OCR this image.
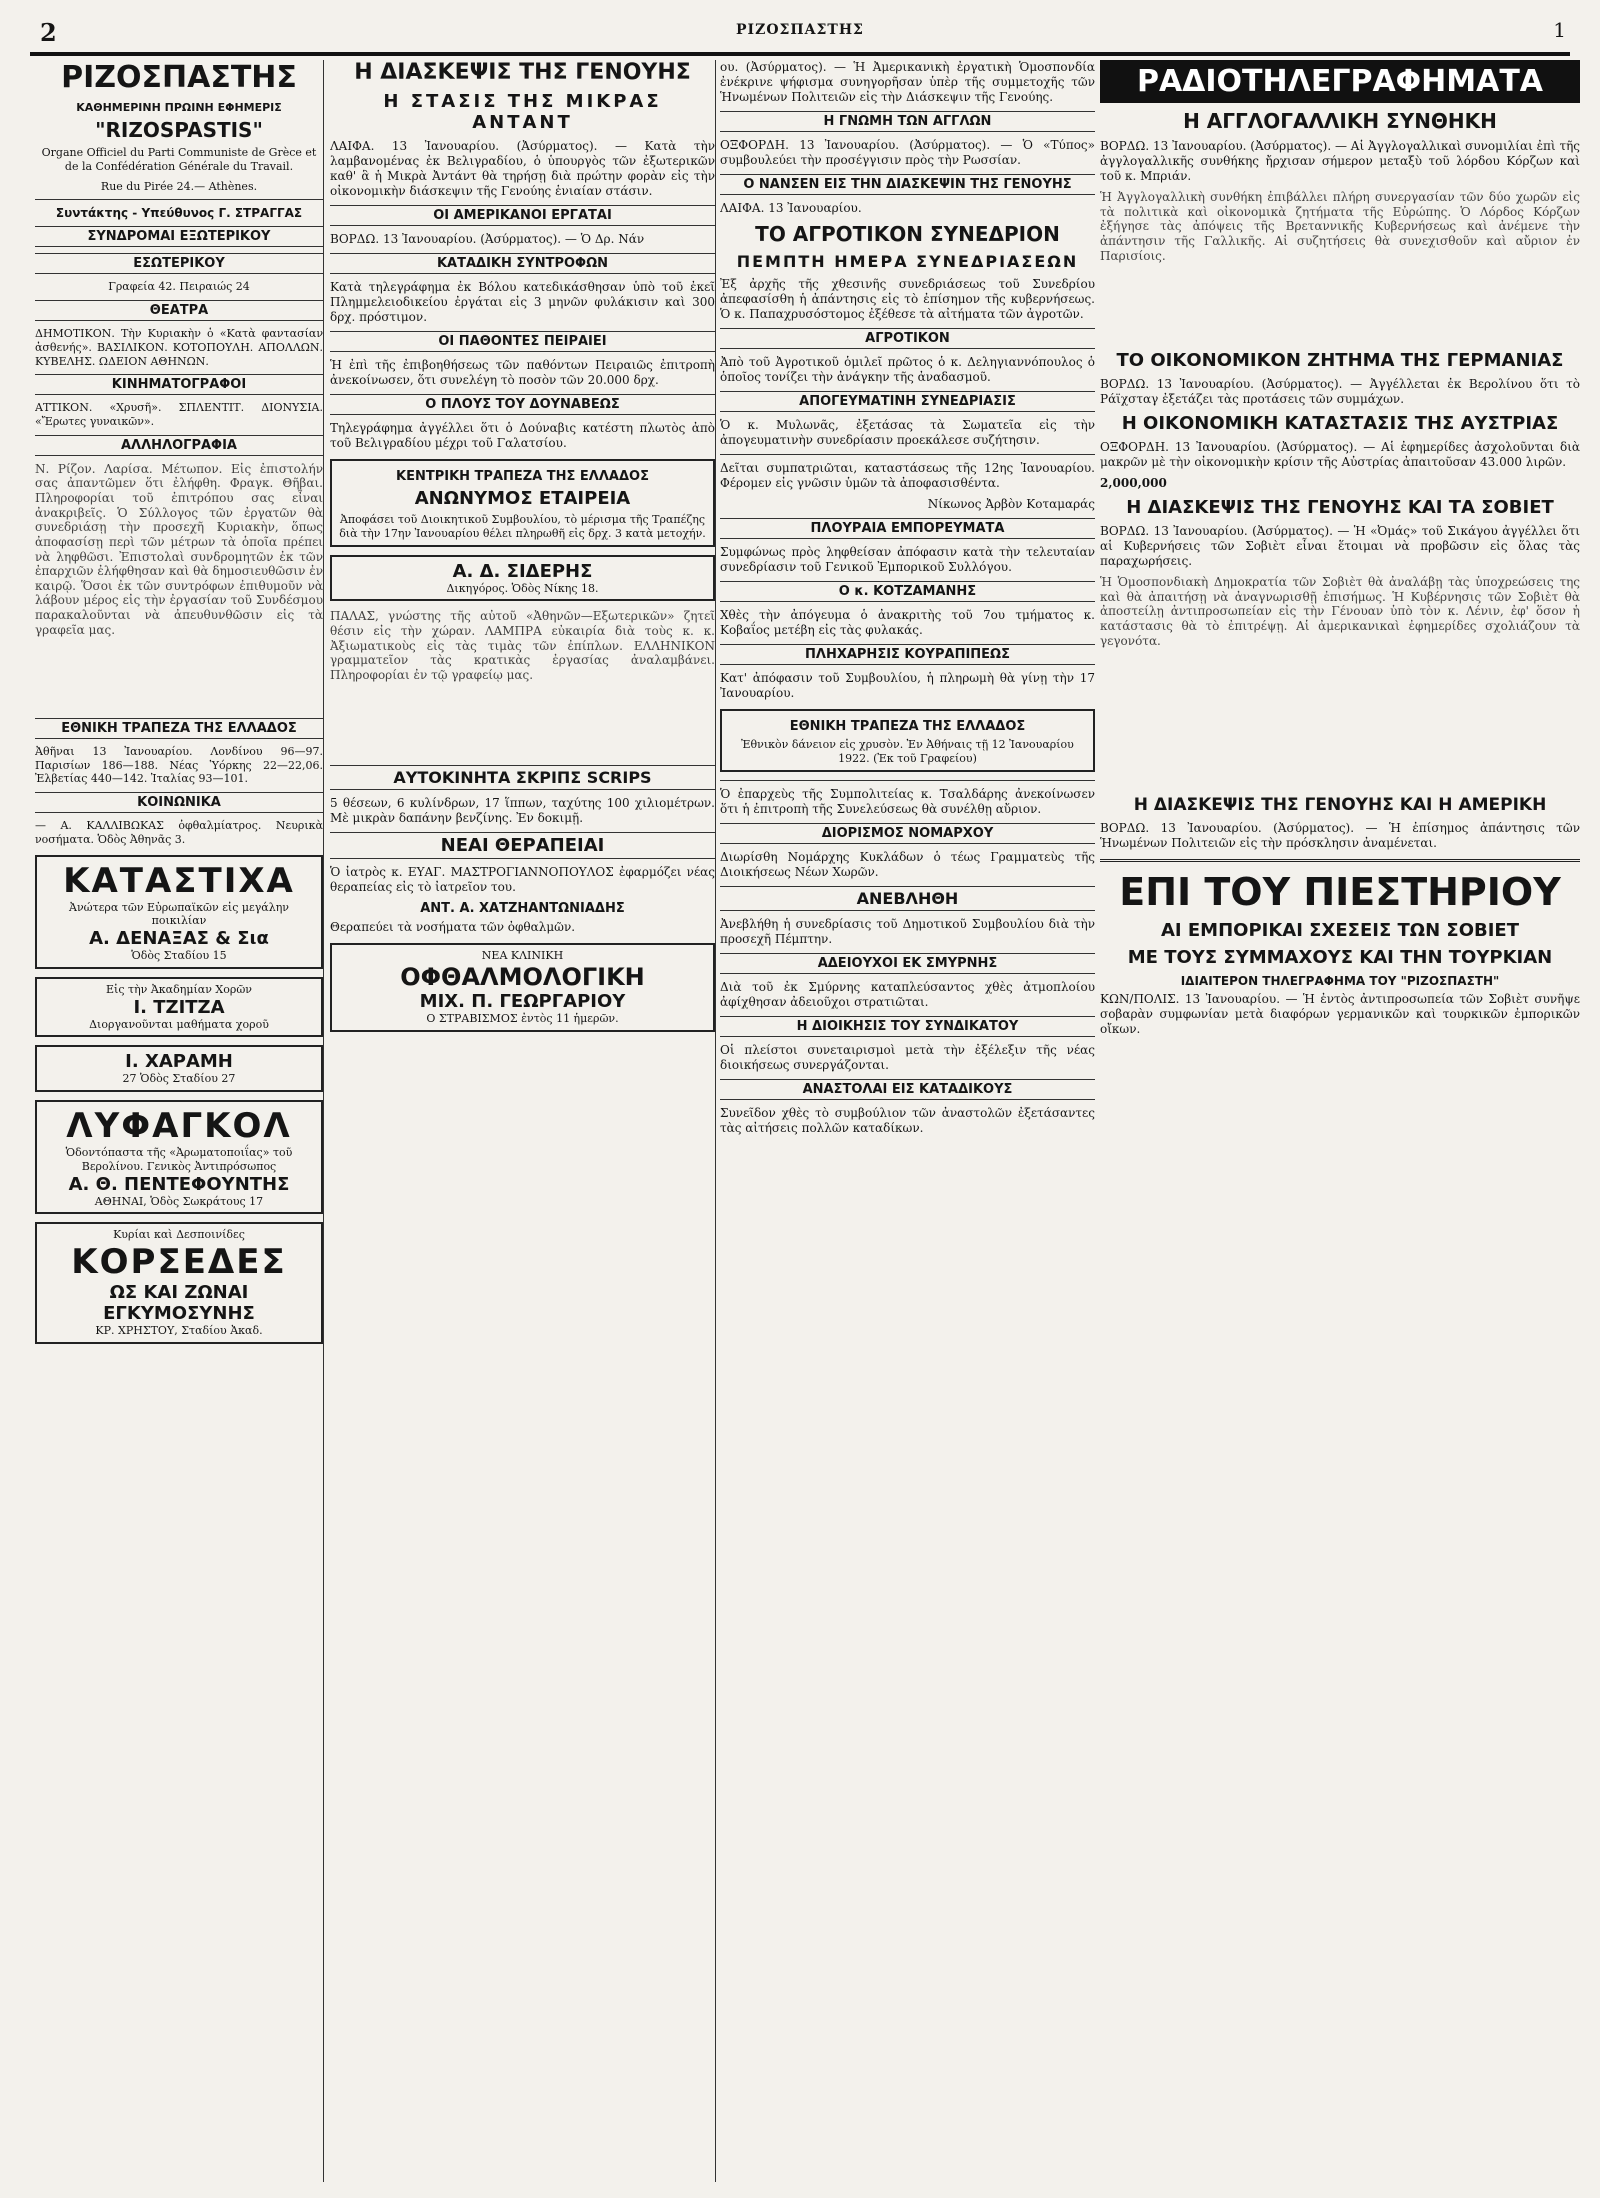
2	ΡΙΖΟΣΠΑΣΤΗΣ	1
ΡΙΖΟΣΠΑΣΤΗΣ
ΚΑΘΗΜΕΡΙΝΗ ΠΡΩΙΝΗ ΕΦΗΜΕΡΙΣ
"RIZOSPASTIS"

Organe Officiel du Parti Communiste de Grèce et de la Confédération Générale du Travail.

Rue du Pirée 24.— Athènes.

Συντάκτης - Υπεύθυνος Γ. ΣΤΡΑΓΓΑΣ
ΣΥΝΔΡΟΜΑΙ ΕΞΩΤΕΡΙΚΟΥ
ΕΣΩΤΕΡΙΚΟΥ

Γραφεία 42. Πειραιώς 24

ΘΕΑΤΡΑ

ΔΗΜΟΤΙΚΟΝ. Τὴν Κυριακὴν ὁ «Κατὰ φαντασίαν ἀσθενής». ΒΑΣΙΛΙΚΟΝ. ΚΟΤΟΠΟΥΛΗ. ΑΠΟΛΛΩΝ. ΚΥΒΕΛΗΣ. ΩΔΕΙΟΝ ΑΘΗΝΩΝ.

ΚΙΝΗΜΑΤΟΓΡΑΦΟΙ

ΑΤΤΙΚΟΝ. «Χρυσῆ». ΣΠΛΕΝΤΙΤ. ΔΙΟΝΥΣΙΑ. «Ἔρωτες γυναικῶν».

ΑΛΛΗΛΟΓΡΑΦΙΑ
Ν. Ρίζον. Λαρίσα. Μέτωπον. Εἰς ἐπιστολήν σας ἀπαντῶμεν ὅτι ἐλήφθη. Φραγκ. Θῆβαι. Πληροφορίαι τοῦ ἐπιτρόπου σας εἶναι ἀνακριβεῖς. Ὁ Σύλλογος τῶν ἐργατῶν θὰ συνεδριάσῃ τὴν προσεχῆ Κυριακὴν, ὅπως ἀποφασίσῃ περὶ τῶν μέτρων τὰ ὁποῖα πρέπει νὰ ληφθῶσι. Ἐπιστολαὶ συνδρομητῶν ἐκ τῶν ἐπαρχιῶν ἐλήφθησαν καὶ θὰ δημοσιευθῶσιν ἐν καιρῷ. Ὅσοι ἐκ τῶν συντρόφων ἐπιθυμοῦν νὰ λάβουν μέρος εἰς τὴν ἐργασίαν τοῦ Συνδέσμου παρακαλοῦνται νὰ ἀπευθυνθῶσιν εἰς τὰ γραφεῖα μας.
ΕΘΝΙΚΗ ΤΡΑΠΕΖΑ ΤΗΣ ΕΛΛΑΔΟΣ

Ἀθῆναι 13 Ἰανουαρίου. Λονδίνου 96—97. Παρισίων 186—188. Νέας Ὑόρκης 22—22,06. Ἐλβετίας 440—142. Ἰταλίας 93—101.

ΚΟΙΝΩΝΙΚΑ

— Α. ΚΑΛΛΙΒΩΚΑΣ ὀφθαλμίατρος. Νευρικὰ νοσήματα. Ὁδὸς Ἀθηνᾶς 3.

ΚΑΤΑΣΤΙΧΑ
Ἀνώτερα τῶν Εὐρωπαϊκῶν εἰς μεγάλην ποικιλίαν
Α. ΔΕΝΑΞΑΣ & Σια
Ὁδὸς Σταδίου 15
Εἰς τὴν Ἀκαδημίαν Χορῶν
Ι. ΤΖΙΤΖΑ
Διοργανοῦνται μαθήματα χοροῦ
Ι. ΧΑΡΑΜΗ
27 Ὁδὸς Σταδίου 27
ΛΥΦΑΓΚΟΛ
Ὁδοντόπαστα τῆς «Ἀρωματοποιΐας» τοῦ Βερολίνου. Γενικὸς Ἀντιπρόσωπος
Α. Θ. ΠΕΝΤΕΦΟΥΝΤΗΣ
ΑΘΗΝΑΙ, Ὁδὸς Σωκράτους 17
Κυρίαι καὶ Δεσποινίδες
ΚΟΡΣΕΔΕΣ
ΩΣ ΚΑΙ ΖΩΝΑΙ
ΕΓΚΥΜΟΣΥΝΗΣ
ΚΡ. ΧΡΗΣΤΟΥ, Σταδίου Ἀκαδ.
Η ΔΙΑΣΚΕΨΙΣ ΤΗΣ ΓΕΝΟΥΗΣ
Η ΣΤΑΣΙΣ ΤΗΣ ΜΙΚΡΑΣ ΑΝΤΑΝΤ

ΛΑΙΦΑ. 13 Ἰανουαρίου. (Ἀσύρματος). — Κατὰ τὴν λαμβανομένας ἐκ Βελιγραδίου, ὁ ὑπουργὸς τῶν ἐξωτερικῶν καθ' ἃ ἡ Μικρὰ Ἀντάντ θὰ τηρήσῃ διὰ πρώτην φορὰν εἰς τὴν οἰκονομικὴν διάσκεψιν τῆς Γενούης ἑνιαίαν στάσιν.

ΟΙ ΑΜΕΡΙΚΑΝΟΙ ΕΡΓΑΤΑΙ

ΒΟΡΔΩ. 13 Ἰανουαρίου. (Ἀσύρματος). — Ὁ Δρ. Νάν

ΚΑΤΑΔΙΚΗ ΣΥΝΤΡΟΦΩΝ

Κατὰ τηλεγράφημα ἐκ Βόλου κατεδικάσθησαν ὑπὸ τοῦ ἐκεῖ Πλημμελειοδικείου ἐργάται εἰς 3 μηνῶν φυλάκισιν καὶ 300 δρχ. πρόστιμον.

ΟΙ ΠΑΘΟΝΤΕΣ ΠΕΙΡΑΙΕΙ

Ἡ ἐπὶ τῆς ἐπιβοηθήσεως τῶν παθόντων Πειραιῶς ἐπιτροπὴ ἀνεκοίνωσεν, ὅτι συνελέγη τὸ ποσὸν τῶν 20.000 δρχ.

Ο ΠΛΟΥΣ ΤΟΥ ΔΟΥΝΑΒΕΩΣ

Τηλεγράφημα ἀγγέλλει ὅτι ὁ Δούναβις κατέστη πλωτὸς ἀπὸ τοῦ Βελιγραδίου μέχρι τοῦ Γαλατσίου.

ΚΕΝΤΡΙΚΗ ΤΡΑΠΕΖΑ ΤΗΣ ΕΛΛΑΔΟΣ
ΑΝΩΝΥΜΟΣ ΕΤΑΙΡΕΙΑ
Ἀποφάσει τοῦ Διοικητικοῦ Συμβουλίου, τὸ μέρισμα τῆς Τραπέζης διὰ τὴν 17ην Ἰανουαρίου θέλει πληρωθῆ εἰς δρχ. 3 κατὰ μετοχήν.
Α. Δ. ΣΙΔΕΡΗΣ
Δικηγόρος. Ὁδὸς Νίκης 18.
ΠΑΛΑΣ, γνώστης τῆς αὐτοῦ «Ἀθηνῶν—Εξωτερικῶν» ζητεῖ θέσιν εἰς τὴν χώραν. ΛΑΜΠΡΑ εὐκαιρία διὰ τοὺς κ. κ. Ἀξιωματικοὺς εἰς τὰς τιμὰς τῶν ἐπίπλων. ΕΛΛΗΝΙΚΟΝ γραμματεῖον τὰς κρατικὰς ἐργασίας ἀναλαμβάνει. Πληροφορίαι ἐν τῷ γραφείῳ μας.
ΑΥΤΟΚΙΝΗΤΑ ΣΚΡΙΠΣ SCRIPS

5 θέσεων, 6 κυλίνδρων, 17 ἵππων, ταχύτης 100 χιλιομέτρων. Μὲ μικρὰν δαπάνην βενζίνης. Ἐν δοκιμῇ.

ΝΕΑΙ ΘΕΡΑΠΕΙΑΙ

Ὁ ἰατρὸς κ. ΕΥΑΓ. ΜΑΣΤΡΟΓΙΑΝΝΟΠΟΥΛΟΣ ἐφαρμόζει νέας θεραπείας εἰς τὸ ἰατρεῖον του.

ΑΝΤ. Α. ΧΑΤΖΗΑΝΤΩΝΙΑΔΗΣ

Θεραπεύει τὰ νοσήματα τῶν ὀφθαλμῶν.

ΝΕΑ ΚΛΙΝΙΚΗ
ΟΦΘΑΛΜΟΛΟΓΙΚΗ
ΜΙΧ. Π. ΓΕΩΡΓΑΡΙΟΥ
Ο ΣΤΡΑΒΙΣΜΟΣ ἐντὸς 11 ἡμερῶν.

ου. (Ἀσύρματος). — Ἡ Ἀμερικανικὴ ἐργατικὴ Ὁμοσπονδία ἐνέκρινε ψήφισμα συνηγορῆσαν ὑπὲρ τῆς συμμετοχῆς τῶν Ἡνωμένων Πολιτειῶν εἰς τὴν Διάσκεψιν τῆς Γενούης.

Η ΓΝΩΜΗ ΤΩΝ ΑΓΓΛΩΝ

ΟΞΦΟΡΔΗ. 13 Ἰανουαρίου. (Ἀσύρματος). — Ὁ «Τύπος» συμβουλεύει τὴν προσέγγισιν πρὸς τὴν Ρωσσίαν.

Ο ΝΑΝΣΕΝ ΕΙΣ ΤΗΝ ΔΙΑΣΚΕΨΙΝ ΤΗΣ ΓΕΝΟΥΗΣ

ΛΑΙΦΑ. 13 Ἰανουαρίου.

ΤΟ ΑΓΡΟΤΙΚΟΝ ΣΥΝΕΔΡΙΟΝ
ΠΕΜΠΤΗ ΗΜΕΡΑ ΣΥΝΕΔΡΙΑΣΕΩΝ

Ἐξ ἀρχῆς τῆς χθεσινῆς συνεδριάσεως τοῦ Συνεδρίου ἀπεφασίσθη ἡ ἀπάντησις εἰς τὸ ἐπίσημον τῆς κυβερνήσεως. Ὁ κ. Παπαχρυσόστομος ἐξέθεσε τὰ αἰτήματα τῶν ἀγροτῶν.

ΑΓΡΟΤΙΚΟΝ

Ἀπὸ τοῦ Ἀγροτικοῦ ὁμιλεῖ πρῶτος ὁ κ. Δεληγιαννόπουλος ὁ ὁποῖος τονίζει τὴν ἀνάγκην τῆς ἀναδασμοῦ.

ΑΠΟΓΕΥΜΑΤΙΝΗ ΣΥΝΕΔΡΙΑΣΙΣ

Ὁ κ. Μυλωνᾶς, ἐξετάσας τὰ Σωματεῖα εἰς τὴν ἀπογευματινὴν συνεδρίασιν προεκάλεσε συζήτησιν.

Δεῖται συμπατριῶται, καταστάσεως τῆς 12ης Ἰανουαρίου. Φέρομεν εἰς γνῶσιν ὑμῶν τὰ ἀποφασισθέντα.

Νίκωνος Ἀρβὸν Κοταμαράς

ΠΛΟΥΡΑΙΑ ΕΜΠΟΡΕΥΜΑΤΑ

Συμφώνως πρὸς ληφθείσαν ἀπόφασιν κατὰ τὴν τελευταίαν συνεδρίασιν τοῦ Γενικοῦ Ἐμπορικοῦ Συλλόγου.

Ο κ. ΚΟΤΖΑΜΑΝΗΣ

Χθὲς τὴν ἀπόγευμα ὁ ἀνακριτὴς τοῦ 7ου τμήματος κ. Κοβαΐος μετέβη εἰς τὰς φυλακάς.

ΠΛΗΧΑΡΗΣΙΣ ΚΟΥΡΑΠΙΠΕΩΣ

Κατ' ἀπόφασιν τοῦ Συμβουλίου, ἡ πληρωμὴ θὰ γίνῃ τὴν 17 Ἰανουαρίου.

ΕΘΝΙΚΗ ΤΡΑΠΕΖΑ ΤΗΣ ΕΛΛΑΔΟΣ
Ἐθνικὸν δάνειον εἰς χρυσὸν. Ἐν Ἀθήναις τῇ 12 Ἰανουαρίου 1922. (Ἐκ τοῦ Γραφείου)

Ὁ ἐπαρχεὺς τῆς Συμπολιτείας κ. Τσαλδάρης ἀνεκοίνωσεν ὅτι ἡ ἐπιτροπὴ τῆς Συνελεύσεως θὰ συνέλθῃ αὔριον.

ΔΙΟΡΙΣΜΟΣ ΝΟΜΑΡΧΟΥ

Διωρίσθη Νομάρχης Κυκλάδων ὁ τέως Γραμματεὺς τῆς Διοικήσεως Νέων Χωρῶν.

ΑΝΕΒΛΗΘΗ

Ἀνεβλήθη ἡ συνεδρίασις τοῦ Δημοτικοῦ Συμβουλίου διὰ τὴν προσεχῆ Πέμπτην.

ΑΔΕΙΟΥΧΟΙ ΕΚ ΣΜΥΡΝΗΣ

Διὰ τοῦ ἐκ Σμύρνης καταπλεύσαντος χθὲς ἀτμοπλοίου ἀφίχθησαν ἀδειοῦχοι στρατιῶται.

Η ΔΙΟΙΚΗΣΙΣ ΤΟΥ ΣΥΝΔΙΚΑΤΟΥ

Οἱ πλείστοι συνεταιρισμοὶ μετὰ τὴν ἐξέλεξιν τῆς νέας διοικήσεως συνεργάζονται.

ΑΝΑΣΤΟΛΑΙ ΕΙΣ ΚΑΤΑΔΙΚΟΥΣ

Συνεῖδον χθὲς τὸ συμβούλιον τῶν ἀναστολῶν ἐξετάσαντες τὰς αἰτήσεις πολλῶν καταδίκων.

ΡΑΔΙΟΤΗΛΕΓΡΑΦΗΜΑΤΑ
Η ΑΓΓΛΟΓΑΛΛΙΚΗ ΣΥΝΘΗΚΗ

ΒΟΡΔΩ. 13 Ἰανουαρίου. (Ἀσύρματος). — Αἱ Ἀγγλογαλλικαὶ συνομιλίαι ἐπὶ τῆς ἀγγλογαλλικῆς συνθήκης ἤρχισαν σήμερον μεταξὺ τοῦ λόρδου Κόρζων καὶ τοῦ κ. Μπριάν.

Ἡ Ἀγγλογαλλικὴ συνθήκη ἐπιβάλλει πλήρη συνεργασίαν τῶν δύο χωρῶν εἰς τὰ πολιτικὰ καὶ οἰκονομικὰ ζητήματα τῆς Εὐρώπης. Ὁ Λόρδος Κόρζων ἐξήγησε τὰς ἀπόψεις τῆς Βρεταννικῆς Κυβερνήσεως καὶ ἀνέμενε τὴν ἀπάντησιν τῆς Γαλλικῆς. Αἱ συζητήσεις θὰ συνεχισθοῦν καὶ αὔριον ἐν Παρισίοις.
ΤΟ ΟΙΚΟΝΟΜΙΚΟΝ ΖΗΤΗΜΑ ΤΗΣ ΓΕΡΜΑΝΙΑΣ

ΒΟΡΔΩ. 13 Ἰανουαρίου. (Ἀσύρματος). — Ἀγγέλλεται ἐκ Βερολίνου ὅτι τὸ Ράϊχσταγ ἐξετάζει τὰς προτάσεις τῶν συμμάχων.

Η ΟΙΚΟΝΟΜΙΚΗ ΚΑΤΑΣΤΑΣΙΣ ΤΗΣ ΑΥΣΤΡΙΑΣ

ΟΞΦΟΡΔΗ. 13 Ἰανουαρίου. (Ἀσύρματος). — Αἱ ἐφημερίδες ἀσχολοῦνται διὰ μακρῶν μὲ τὴν οἰκονομικὴν κρίσιν τῆς Αὐστρίας ἀπαιτοῦσαν 43.000 λιρῶν.

2,000,000

Η ΔΙΑΣΚΕΨΙΣ ΤΗΣ ΓΕΝΟΥΗΣ ΚΑΙ ΤΑ ΣΟΒΙΕΤ

ΒΟΡΔΩ. 13 Ἰανουαρίου. (Ἀσύρματος). — Ἡ «Ὀμάς» τοῦ Σικάγου ἀγγέλλει ὅτι αἱ Κυβερνήσεις τῶν Σοβιὲτ εἶναι ἕτοιμαι νὰ προβῶσιν εἰς ὅλας τὰς παραχωρήσεις.

Ἡ Ὁμοσπονδιακὴ Δημοκρατία τῶν Σοβιὲτ θὰ ἀναλάβῃ τὰς ὑποχρεώσεις της καὶ θὰ ἀπαιτήσῃ νὰ ἀναγνωρισθῇ ἐπισήμως. Ἡ Κυβέρνησις τῶν Σοβιὲτ θὰ ἀποστείλῃ ἀντιπροσωπείαν εἰς τὴν Γένουαν ὑπὸ τὸν κ. Λένιν, ἐφ' ὅσον ἡ κατάστασις θὰ τὸ ἐπιτρέψῃ. Αἱ ἀμερικανικαὶ ἐφημερίδες σχολιάζουν τὰ γεγονότα.
Η ΔΙΑΣΚΕΨΙΣ ΤΗΣ ΓΕΝΟΥΗΣ ΚΑΙ Η ΑΜΕΡΙΚΗ

ΒΟΡΔΩ. 13 Ἰανουαρίου. (Ἀσύρματος). — Ἡ ἐπίσημος ἀπάντησις τῶν Ἡνωμένων Πολιτειῶν εἰς τὴν πρόσκλησιν ἀναμένεται.

ΕΠΙ ΤΟΥ ΠΙΕΣΤΗΡΙΟΥ
ΑΙ ΕΜΠΟΡΙΚΑΙ ΣΧΕΣΕΙΣ ΤΩΝ ΣΟΒΙΕΤ
ΜΕ ΤΟΥΣ ΣΥΜΜΑΧΟΥΣ ΚΑΙ ΤΗΝ ΤΟΥΡΚΙΑΝ
ΙΔΙΑΙΤΕΡΟΝ ΤΗΛΕΓΡΑΦΗΜΑ ΤΟΥ "ΡΙΖΟΣΠΑΣΤΗ"

ΚΩΝ/ΠΟΛΙΣ. 13 Ἰανουαρίου. — Ἡ ἐντὸς ἀντιπροσωπεία τῶν Σοβιὲτ συνῆψε σοβαρὰν συμφωνίαν μετὰ διαφόρων γερμανικῶν καὶ τουρκικῶν ἐμπορικῶν οἴκων.
